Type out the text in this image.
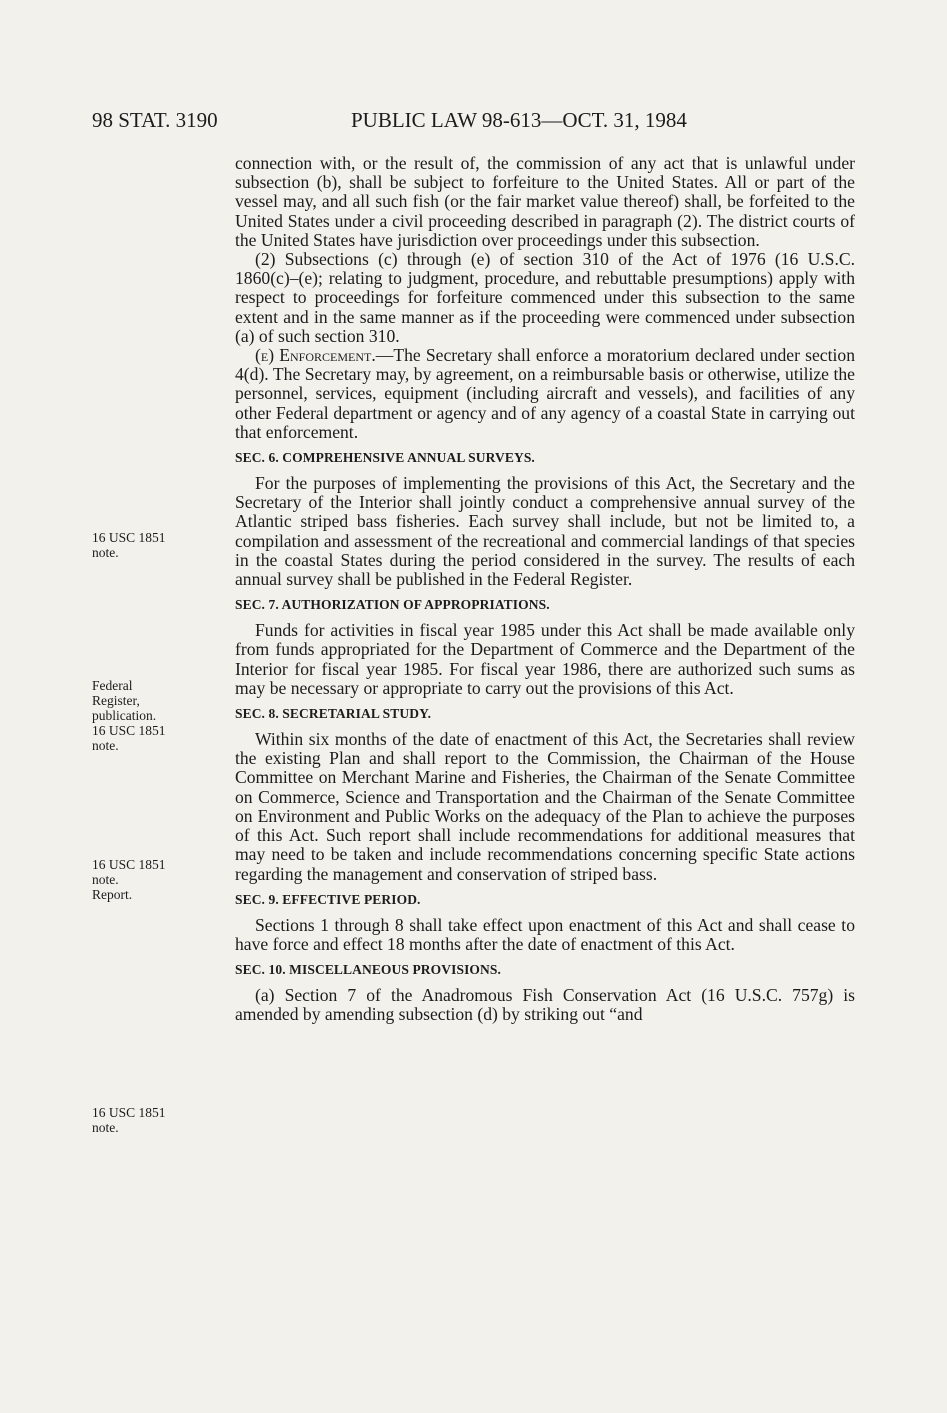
98 STAT. 3190	PUBLIC LAW 98-613—OCT. 31, 1984
16 USC 1851
note.
Federal
Register,
publication.
16 USC 1851
note.
16 USC 1851
note.
Report.
16 USC 1851
note.

connection with, or the result of, the commission of any act that is unlawful under subsection (b), shall be subject to forfeiture to the United States. All or part of the vessel may, and all such fish (or the fair market value thereof) shall, be forfeited to the United States under a civil proceeding described in paragraph (2). The district courts of the United States have jurisdiction over proceedings under this subsection.

(2) Subsections (c) through (e) of section 310 of the Act of 1976 (16 U.S.C. 1860(c)–(e); relating to judgment, procedure, and rebuttable presumptions) apply with respect to proceedings for forfeiture commenced under this subsection to the same extent and in the same manner as if the proceeding were commenced under subsection (a) of such section 310.

(e) Enforcement.—The Secretary shall enforce a moratorium declared under section 4(d). The Secretary may, by agreement, on a reimbursable basis or otherwise, utilize the personnel, services, equipment (including aircraft and vessels), and facilities of any other Federal department or agency and of any agency of a coastal State in carrying out that enforcement.

SEC. 6. COMPREHENSIVE ANNUAL SURVEYS.

For the purposes of implementing the provisions of this Act, the Secretary and the Secretary of the Interior shall jointly conduct a comprehensive annual survey of the Atlantic striped bass fisheries. Each survey shall include, but not be limited to, a compilation and assessment of the recreational and commercial landings of that species in the coastal States during the period considered in the survey. The results of each annual survey shall be published in the Federal Register.

SEC. 7. AUTHORIZATION OF APPROPRIATIONS.

Funds for activities in fiscal year 1985 under this Act shall be made available only from funds appropriated for the Department of Commerce and the Department of the Interior for fiscal year 1985. For fiscal year 1986, there are authorized such sums as may be necessary or appropriate to carry out the provisions of this Act.

SEC. 8. SECRETARIAL STUDY.

Within six months of the date of enactment of this Act, the Secretaries shall review the existing Plan and shall report to the Commission, the Chairman of the House Committee on Merchant Marine and Fisheries, the Chairman of the Senate Committee on Commerce, Science and Transportation and the Chairman of the Senate Committee on Environment and Public Works on the adequacy of the Plan to achieve the purposes of this Act. Such report shall include recommendations for additional measures that may need to be taken and include recommendations concerning specific State actions regarding the management and conservation of striped bass.

SEC. 9. EFFECTIVE PERIOD.

Sections 1 through 8 shall take effect upon enactment of this Act and shall cease to have force and effect 18 months after the date of enactment of this Act.

SEC. 10. MISCELLANEOUS PROVISIONS.

(a) Section 7 of the Anadromous Fish Conservation Act (16 U.S.C. 757g) is amended by amending subsection (d) by striking out “and
